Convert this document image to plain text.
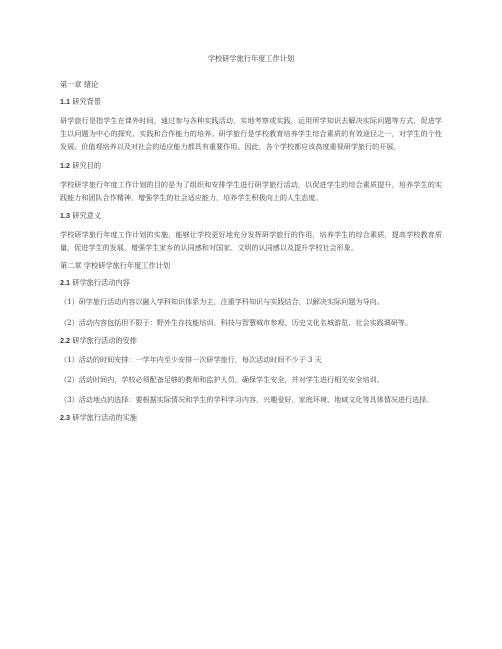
学校研学旅行年度工作计划
第一章 绪论
1.1 研究背景

研学旅行是指学生在课外时间，通过参与各种实践活动，实地考察或实践，运用所学知识去解决实际问题等方式，促进学生以问题为中心的探究、实践和合作能力的培养。研学旅行是学校教育培养学生综合素质的有效途径之一，对学生的个性发展、价值观培养以及对社会的适应能力都具有重要作用。因此，各个学校都应该高度重视研学旅行的开展。

1.2 研究目的

学校研学旅行年度工作计划的目的是为了组织和安排学生进行研学旅行活动，以促进学生的综合素质提升，培养学生的实践能力和团队合作精神，增强学生的社会适应能力，培养学生积极向上的人生态度。

1.3 研究意义

学校研学旅行年度工作计划的实施，能够让学校更好地充分发挥研学旅行的作用，培养学生的综合素质，提高学校教育质量，促进学生的发展，增强学生家乡的认同感和对国家、文明的认同感以及提升学校社会形象。

第二章 学校研学旅行年度工作计划
2.1 研学旅行活动内容

（1）研学旅行活动内容以融入学科知识体系为主，注重学科知识与实践结合，以解决实际问题为导向。

（2）活动内容包括但不限于：野外生存技能培训、科技与智慧城市参观、历史文化名城游览、社会实践调研等。

2.2 研学旅行活动的安排

（1）活动的时间安排：一学年内至少安排一次研学旅行，每次活动时间不少于 3 天

（2）活动时间内，学校必须配备足够的教师和监护人员，确保学生安全，并对学生进行相关安全培训。

（3）活动地点的选择：要根据实际情况和学生的学科学习内容、兴趣爱好、家庭环境、地域文化等具体情况进行选择。

2.3 研学旅行活动的实施
